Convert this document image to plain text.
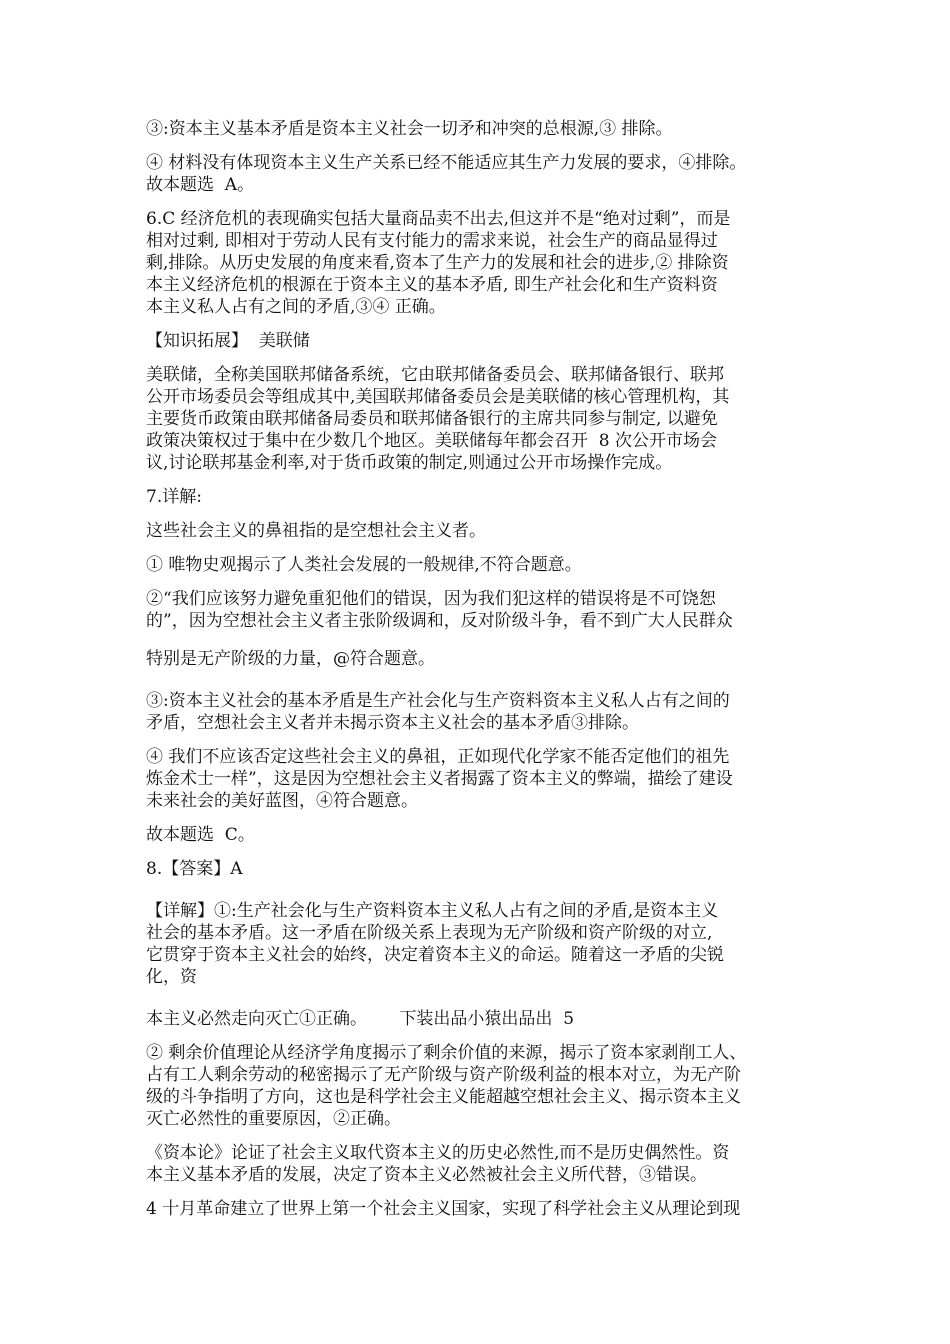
③:资本主义基本矛盾是资本主义社会一切矛和冲突的总根源,③ 排除。

④ 材料没有体现资本主义生产关系已经不能适应其生产力发展的要求，④排除。
故本题选  A。

6.C 经济危机的表现确实包括大量商品卖不出去,但这并不是“绝对过剩”，而是
相对过剩, 即相对于劳动人民有支付能力的需求来说，社会生产的商品显得过
剩,排除。从历史发展的角度来看,资本了生产力的发展和社会的进步,② 排除资
本主义经济危机的根源在于资本主义的基本矛盾, 即生产社会化和生产资料资
本主义私人占有之间的矛盾,③④ 正确。

【知识拓展】  美联储

美联储，全称美国联邦储备系统，它由联邦储备委员会、联邦储备银行、联邦
公开市场委员会等组成其中,美国联邦储备委员会是美联储的核心管理机构，其
主要货币政策由联邦储备局委员和联邦储备银行的主席共同参与制定, 以避免
政策决策权过于集中在少数几个地区。美联储每年都会召开  8 次公开市场会
议,讨论联邦基金利率,对于货币政策的制定,则通过公开市场操作完成。

7.详解:

这些社会主义的鼻祖指的是空想社会主义者。

① 唯物史观揭示了人类社会发展的一般规律,不符合题意。

②“我们应该努力避免重犯他们的错误，因为我们犯这样的错误将是不可饶恕
的”，因为空想社会主义者主张阶级调和，反对阶级斗争，看不到广大人民群众

特别是无产阶级的力量，@符合题意。

③:资本主义社会的基本矛盾是生产社会化与生产资料资本主义私人占有之间的
矛盾，空想社会主义者并未揭示资本主义社会的基本矛盾③排除。

④ 我们不应该否定这些社会主义的鼻祖，正如现代化学家不能否定他们的祖先
炼金术士一样”，这是因为空想社会主义者揭露了资本主义的弊端，描绘了建设
未来社会的美好蓝图，④符合题意。

故本题选  C。

8.【答案】A

【详解】①:生产社会化与生产资料资本主义私人占有之间的矛盾,是资本主义
社会的基本矛盾。这一矛盾在阶级关系上表现为无产阶级和资产阶级的对立,
它贯穿于资本主义社会的始终，决定着资本主义的命运。随着这一矛盾的尖锐
化，资

本主义必然走向灭亡①正确。      下装出品小猿出品出  5

② 剩余价值理论从经济学角度揭示了剩余价值的来源，揭示了资本家剥削工人、
占有工人剩余劳动的秘密揭示了无产阶级与资产阶级利益的根本对立，为无产阶
级的斗争指明了方向，这也是科学社会主义能超越空想社会主义、揭示资本主义
灭亡必然性的重要原因，②正确。

《资本论》论证了社会主义取代资本主义的历史必然性,而不是历史偶然性。资
本主义基本矛盾的发展，决定了资本主义必然被社会主义所代替，③错误。

4 十月革命建立了世界上第一个社会主义国家，实现了科学社会主义从理论到现
